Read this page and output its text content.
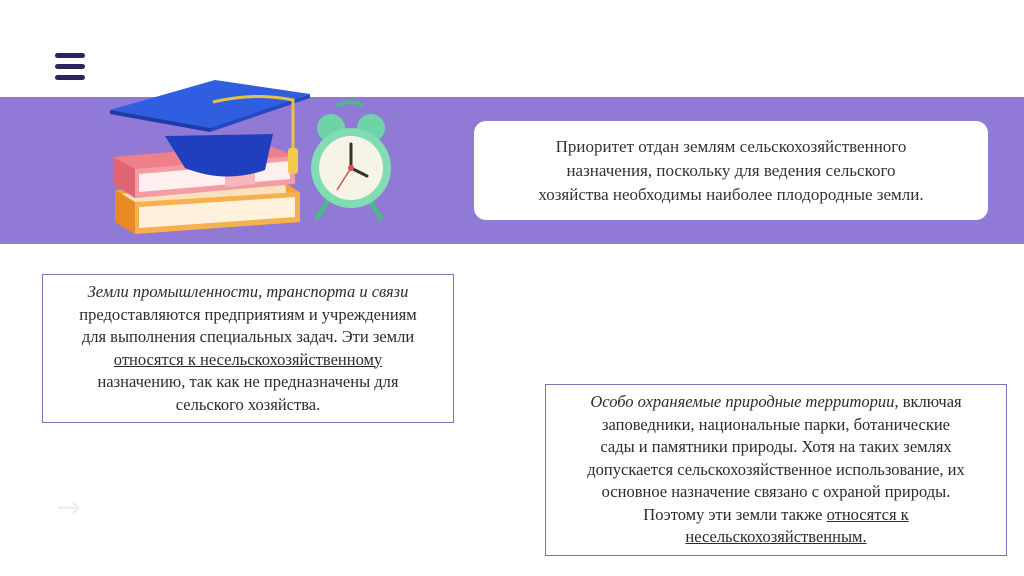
Приоритет отдан землям сельскохозяйственного
назначения, поскольку для ведения сельского
хозяйства необходимы наиболее плодородные земли.
Земли промышленности, транспорта и связи
предоставляются предприятиям и учреждениям
для выполнения специальных задач. Эти земли
относятся к несельскохозяйственному
назначению, так как не предназначены для
сельского хозяйства.	Особо охраняемые природные территории, включая
заповедники, национальные парки, ботанические
сады и памятники природы. Хотя на таких землях
допускается сельскохозяйственное использование, их
основное назначение связано с охраной природы.
Поэтому эти земли также относятся к
несельскохозяйственным.
→
